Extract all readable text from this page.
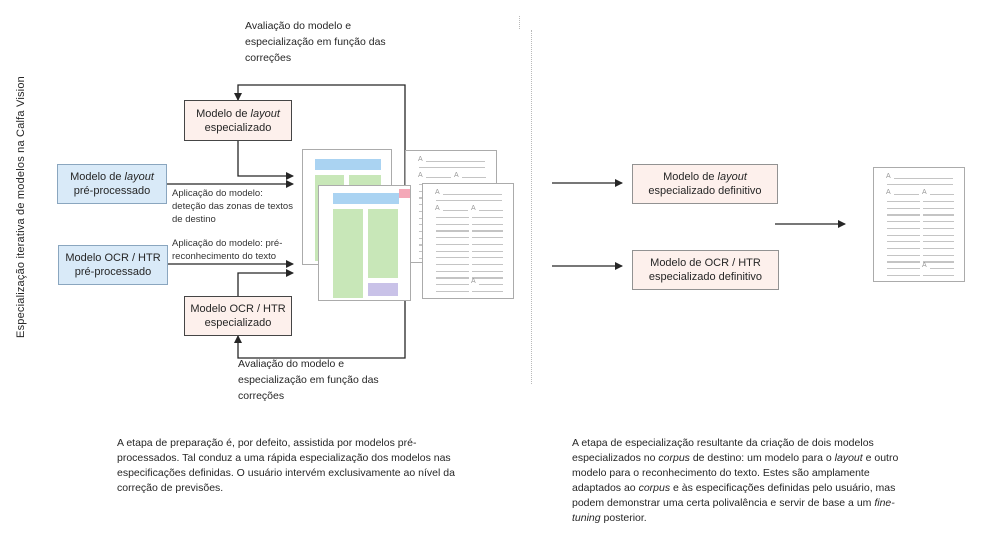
Especialização iterativa de modelos na Calfa Vision
Avaliação do modelo e
especialização em função das
correções
Avaliação do modelo e
especialização em função das
correções
Aplicação do modelo:
deteção das zonas de textos
de destino
Aplicação do modelo: pré-
reconhecimento do texto
Modelo de layout
pré-processado
Modelo OCR / HTR
pré-processado
Modelo de layout
especializado
Modelo OCR / HTR
especializado
Modelo de layout
especializado definitivo
Modelo de OCR / HTR
especializado definitivo
A
A	A
A
A	A
A
A
A	A
A
A etapa de preparação é, por defeito, assistida por modelos pré-
processados. Tal conduz a uma rápida especialização dos modelos nas
especificações definidas. O usuário intervém exclusivamente ao nível da
correção de previsões.
A etapa de especialização resultante da criação de dois modelos
especializados no corpus de destino: um modelo para o layout e outro
modelo para o reconhecimento do texto. Estes são amplamente
adaptados ao corpus e às especificações definidas pelo usuário, mas
podem demonstrar uma certa polivalência e servir de base a um fine-
tuning posterior.
